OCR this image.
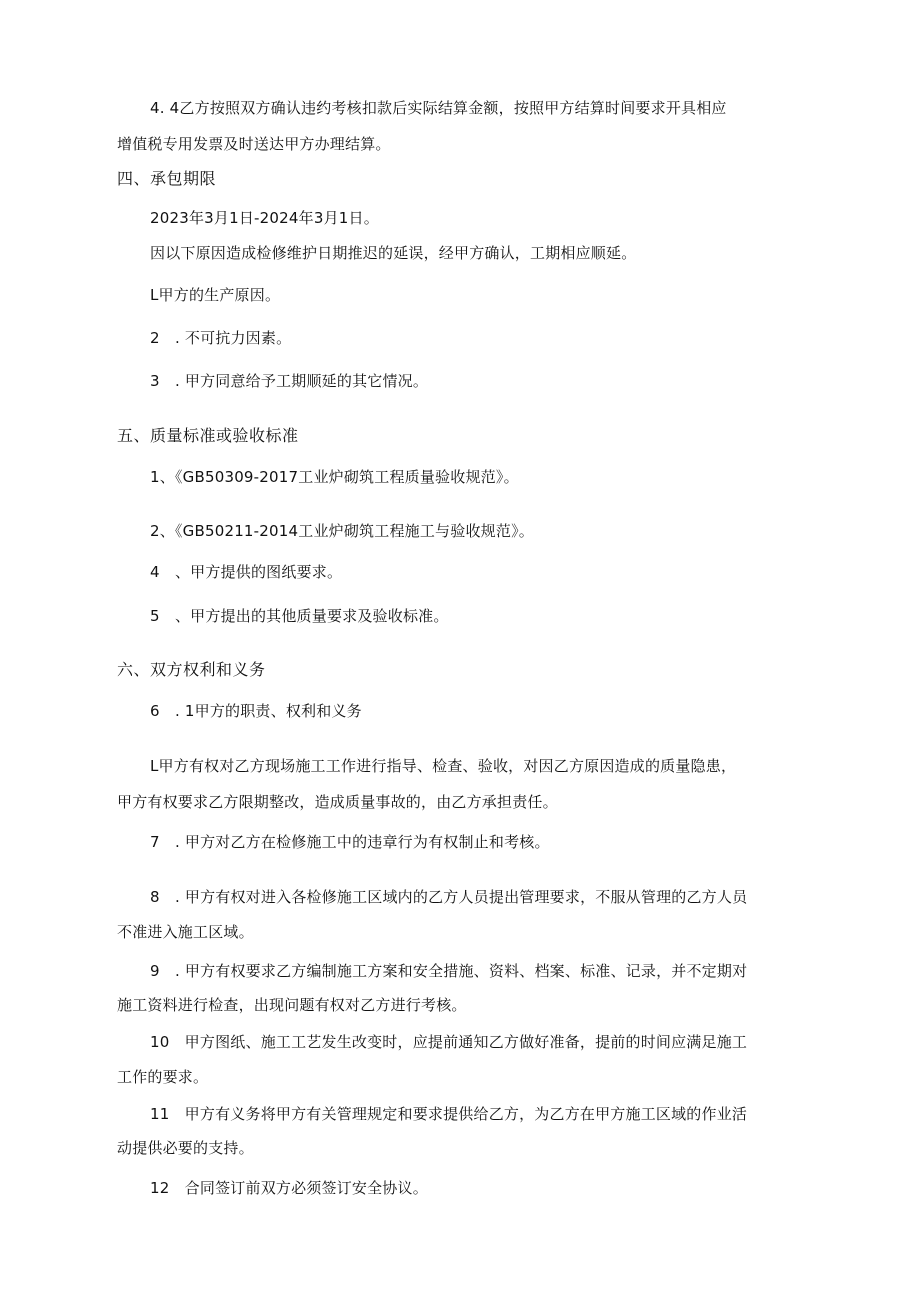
4. 4乙方按照双方确认违约考核扣款后实际结算金额，按照甲方结算时间要求开具相应
增值税专用发票及时送达甲方办理结算。
四、承包期限
2023年3月1日-2024年3月1日。
因以下原因造成检修维护日期推迟的延误，经甲方确认，工期相应顺延。
L甲方的生产原因。
2　. 不可抗力因素。
3　. 甲方同意给予工期顺延的其它情况。
五、质量标准或验收标准
1、《GB50309-2017工业炉砌筑工程质量验收规范》。
2、《GB50211-2014工业炉砌筑工程施工与验收规范》。
4　、甲方提供的图纸要求。
5　、甲方提出的其他质量要求及验收标准。
六、双方权利和义务
6　. 1甲方的职责、权利和义务
L甲方有权对乙方现场施工工作进行指导、检查、验收，对因乙方原因造成的质量隐患，
甲方有权要求乙方限期整改，造成质量事故的，由乙方承担责任。
7　. 甲方对乙方在检修施工中的违章行为有权制止和考核。
8　. 甲方有权对进入各检修施工区域内的乙方人员提出管理要求，不服从管理的乙方人员
不准进入施工区域。
9　. 甲方有权要求乙方编制施工方案和安全措施、资料、档案、标准、记录，并不定期对
施工资料进行检查，出现问题有权对乙方进行考核。
10　甲方图纸、施工工艺发生改变时，应提前通知乙方做好准备，提前的时间应满足施工
工作的要求。
11　甲方有义务将甲方有关管理规定和要求提供给乙方，为乙方在甲方施工区域的作业活
动提供必要的支持。
12　合同签订前双方必须签订安全协议。
